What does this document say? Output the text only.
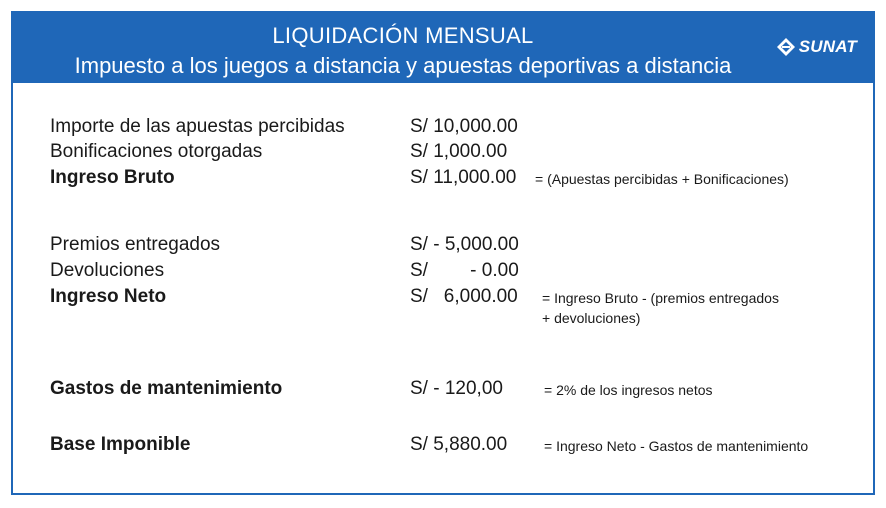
LIQUIDACIÓN MENSUAL
Impuesto a los juegos a distancia y apuestas deportivas a distancia
SUNAT
Importe de las apuestas percibidas	S/ 10,000.00
Bonificaciones otorgadas	S/ 1,000.00
Ingreso Bruto	S/ 11,000.00 = (Apuestas percibidas + Bonificaciones)
Premios entregados	S/ - 5,000.00
Devoluciones	S/        - 0.00
Ingreso Neto	S/   6,000.00 = Ingreso Bruto - (premios entregados
+ devoluciones)
Gastos de mantenimiento	S/ - 120,00	= 2% de los ingresos netos
Base Imponible	S/ 5,880.00	= Ingreso Neto - Gastos de mantenimiento
